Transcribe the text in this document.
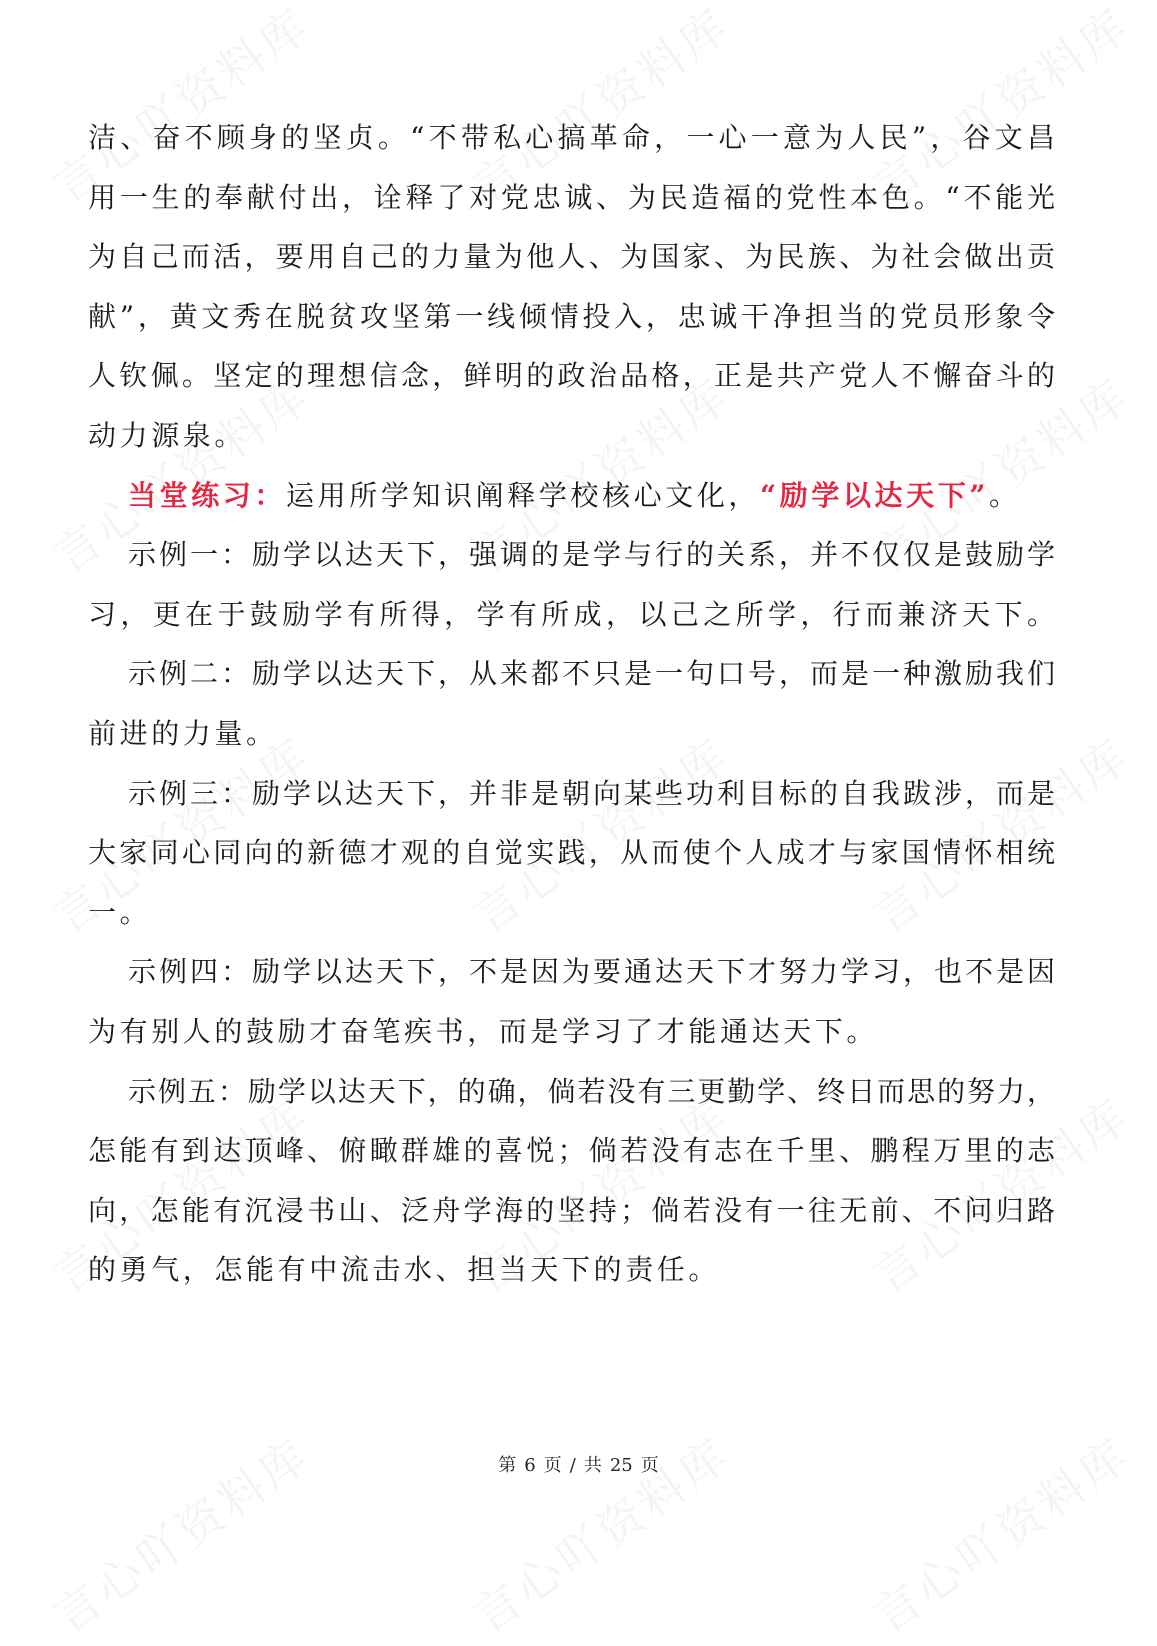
洁、奋不顾身的坚贞。“不带私心搞革命，一心一意为人民”，谷文昌
用一生的奉献付出，诠释了对党忠诚、为民造福的党性本色。“不能光
为自己而活，要用自己的力量为他人、为国家、为民族、为社会做出贡
献”，黄文秀在脱贫攻坚第一线倾情投入，忠诚干净担当的党员形象令
人钦佩。坚定的理想信念，鲜明的政治品格，正是共产党人不懈奋斗的
动力源泉。
当堂练习：运用所学知识阐释学校核心文化，“励学以达天下”。
示例一：励学以达天下，强调的是学与行的关系，并不仅仅是鼓励学
习，更在于鼓励学有所得，学有所成，以己之所学，行而兼济天下。
示例二：励学以达天下，从来都不只是一句口号，而是一种激励我们
前进的力量。
示例三：励学以达天下，并非是朝向某些功利目标的自我跋涉，而是
大家同心同向的新德才观的自觉实践，从而使个人成才与家国情怀相统
一。
示例四：励学以达天下，不是因为要通达天下才努力学习，也不是因
为有别人的鼓励才奋笔疾书，而是学习了才能通达天下。
示例五：励学以达天下，的确，倘若没有三更勤学、终日而思的努力，
怎能有到达顶峰、俯瞰群雄的喜悦；倘若没有志在千里、鹏程万里的志
向，怎能有沉浸书山、泛舟学海的坚持；倘若没有一往无前、不问归路
的勇气，怎能有中流击水、担当天下的责任。
第 6 页 / 共 25 页
